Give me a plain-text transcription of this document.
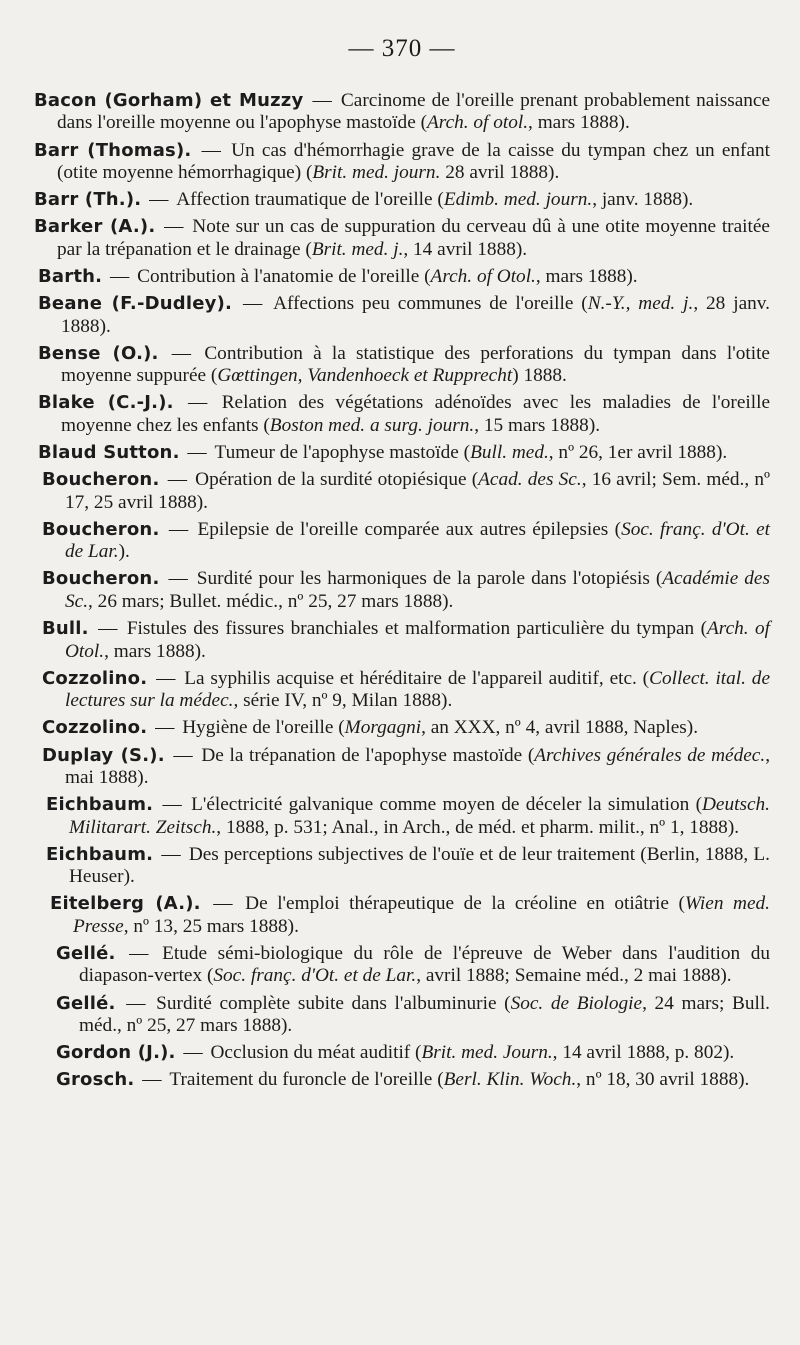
— 370 —
Bacon (Gorham) et Muzzy — Carcinome de l'oreille prenant probablement naissance dans l'oreille moyenne ou l'apophyse mastoïde (Arch. of otol., mars 1888).
Barr (Thomas). — Un cas d'hémorrhagie grave de la caisse du tympan chez un enfant (otite moyenne hémorrhagique) (Brit. med. journ. 28 avril 1888).
Barr (Th.). — Affection traumatique de l'oreille (Edimb. med. journ., janv. 1888).
Barker (A.). — Note sur un cas de suppuration du cerveau dû à une otite moyenne traitée par la trépanation et le drainage (Brit. med. j., 14 avril 1888).
Barth. — Contribution à l'anatomie de l'oreille (Arch. of Otol., mars 1888).
Beane (F.-Dudley). — Affections peu communes de l'oreille (N.-Y., med. j., 28 janv. 1888).
Bense (O.). — Contribution à la statistique des perforations du tympan dans l'otite moyenne suppurée (Gœttingen, Vandenhoeck et Rupprecht) 1888.
Blake (C.-J.). — Relation des végétations adénoïdes avec les maladies de l'oreille moyenne chez les enfants (Boston med. a surg. journ., 15 mars 1888).
Blaud Sutton. — Tumeur de l'apophyse mastoïde (Bull. med., nº 26, 1er avril 1888).
Boucheron. — Opération de la surdité otopiésique (Acad. des Sc., 16 avril; Sem. méd., nº 17, 25 avril 1888).
Boucheron. — Epilepsie de l'oreille comparée aux autres épilepsies (Soc. franç. d'Ot. et de Lar.).
Boucheron. — Surdité pour les harmoniques de la parole dans l'otopiésis (Académie des Sc., 26 mars; Bullet. médic., nº 25, 27 mars 1888).
Bull. — Fistules des fissures branchiales et malformation particulière du tympan (Arch. of Otol., mars 1888).
Cozzolino. — La syphilis acquise et héréditaire de l'appareil auditif, etc. (Collect. ital. de lectures sur la médec., série IV, nº 9, Milan 1888).
Cozzolino. — Hygiène de l'oreille (Morgagni, an XXX, nº 4, avril 1888, Naples).
Duplay (S.). — De la trépanation de l'apophyse mastoïde (Archives générales de médec., mai 1888).
Eichbaum. — L'électricité galvanique comme moyen de déceler la simulation (Deutsch. Militarart. Zeitsch., 1888, p. 531; Anal., in Arch., de méd. et pharm. milit., nº 1, 1888).
Eichbaum. — Des perceptions subjectives de l'ouïe et de leur traitement (Berlin, 1888, L. Heuser).
Eitelberg (A.). — De l'emploi thérapeutique de la créoline en otiâtrie (Wien med. Presse, nº 13, 25 mars 1888).
Gellé. — Etude sémi-biologique du rôle de l'épreuve de Weber dans l'audition du diapason-vertex (Soc. franç. d'Ot. et de Lar., avril 1888; Semaine méd., 2 mai 1888).
Gellé. — Surdité complète subite dans l'albuminurie (Soc. de Biologie, 24 mars; Bull. méd., nº 25, 27 mars 1888).
Gordon (J.). — Occlusion du méat auditif (Brit. med. Journ., 14 avril 1888, p. 802).
Grosch. — Traitement du furoncle de l'oreille (Berl. Klin. Woch., nº 18, 30 avril 1888).
